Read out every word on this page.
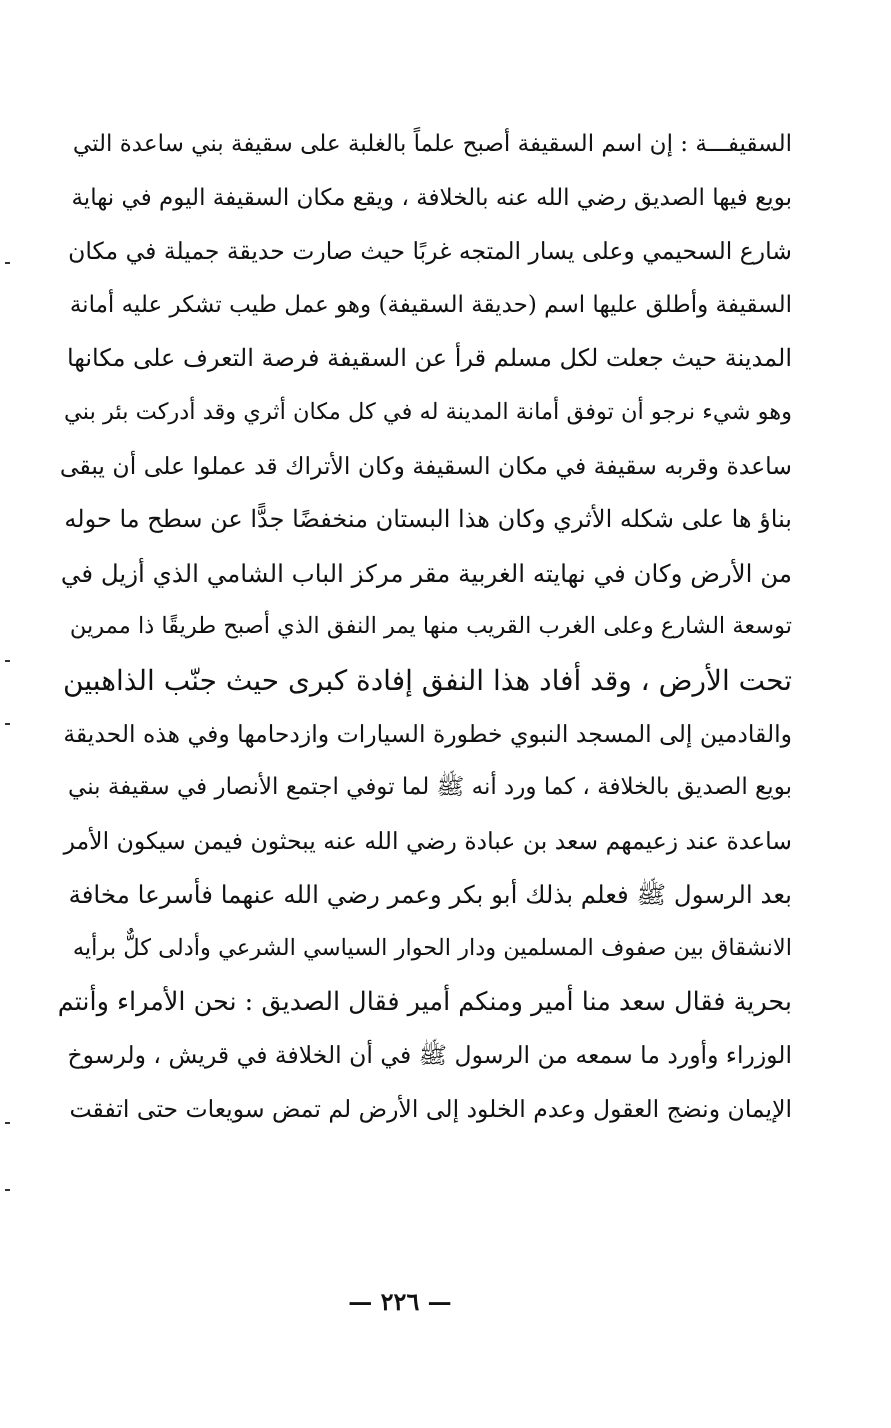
السقيفـــة : إن اسم السقيفة أصبح علماً بالغلبة على سقيفة بني ساعدة التي
بويع فيها الصديق رضي الله عنه بالخلافة ، ويقع مكان السقيفة اليوم في نهاية
شارع السحيمي وعلى يسار المتجه غربًا حيث صارت حديقة جميلة في مكان
السقيفة وأطلق عليها اسم (حديقة السقيفة) وهو عمل طيب تشكر عليه أمانة
المدينة حيث جعلت لكل مسلم قرأ عن السقيفة فرصة التعرف على مكانها
وهو شيء نرجو أن توفق أمانة المدينة له في كل مكان أثري وقد أدركت بئر بني
ساعدة وقربه سقيفة في مكان السقيفة وكان الأتراك قد عملوا على أن يبقى
بناؤ ها على شكله الأثري وكان هذا البستان منخفضًا جدًّا عن سطح ما حوله
من الأرض وكان في نهايته الغربية مقر مركز الباب الشامي الذي أزيل في
توسعة الشارع وعلى الغرب القريب منها يمر النفق الذي أصبح طريقًا ذا ممرين
تحت الأرض ، وقد أفاد هذا النفق إفادة كبرى حيث جنّب الذاهبين
والقادمين إلى المسجد النبوي خطورة السيارات وازدحامها وفي هذه الحديقة
بويع الصديق بالخلافة ، كما ورد أنه ﷺ لما توفي اجتمع الأنصار في سقيفة بني
ساعدة عند زعيمهم سعد بن عبادة رضي الله عنه يبحثون فيمن سيكون الأمر
بعد الرسول ﷺ فعلم بذلك أبو بكر وعمر رضي الله عنهما فأسرعا مخافة
الانشقاق بين صفوف المسلمين ودار الحوار السياسي الشرعي وأدلى كلٌّ برأيه
بحرية فقال سعد منا أمير ومنكم أمير فقال الصديق : نحن الأمراء وأنتم
الوزراء وأورد ما سمعه من الرسول ﷺ في أن الخلافة في قريش ، ولرسوخ
الإيمان ونضج العقول وعدم الخلود إلى الأرض لم تمض سويعات حتى اتفقت
— ٢٢٦ —
